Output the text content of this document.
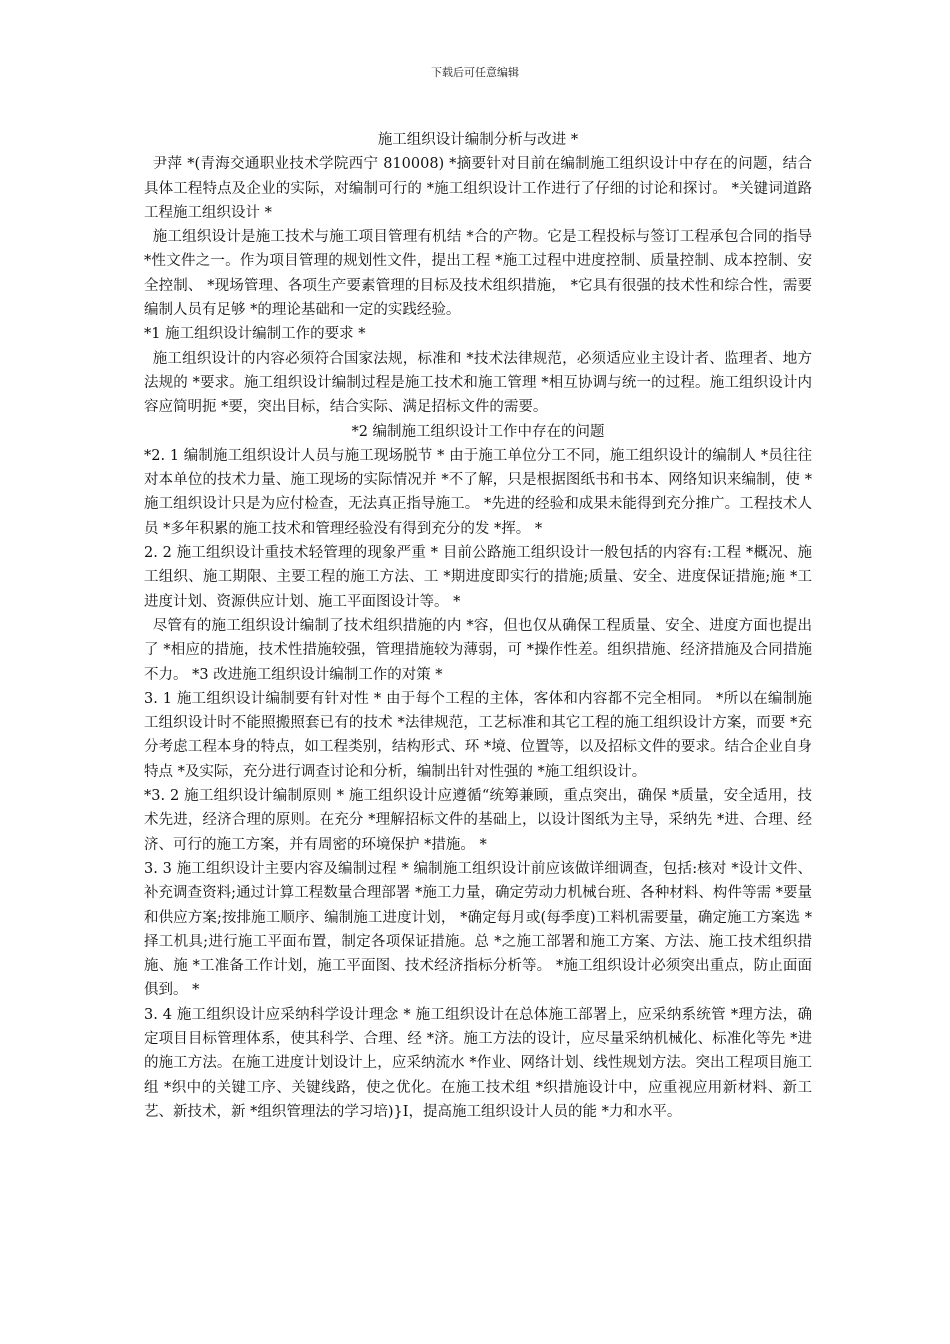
下载后可任意编辑

施工组织设计编制分析与改进 *

尹萍 *(青海交通职业技术学院西宁 810008) *摘要针对目前在编制施工组织设计中存在的问题，结合具体工程特点及企业的实际，对编制可行的 *施工组织设计工作进行了仔细的讨论和探讨。 *关键词道路工程施工组织设计 *

施工组织设计是施工技术与施工项目管理有机结 *合的产物。它是工程投标与签订工程承包合同的指导 *性文件之一。作为项目管理的规划性文件，提出工程 *施工过程中进度控制、质量控制、成本控制、安全控制、 *现场管理、各项生产要素管理的目标及技术组织措施， *它具有很强的技术性和综合性，需要编制人员有足够 *的理论基础和一定的实践经验。

*1 施工组织设计编制工作的要求 *

施工组织设计的内容必须符合国家法规，标准和 *技术法律规范，必须适应业主设计者、监理者、地方法规的 *要求。施工组织设计编制过程是施工技术和施工管理 *相互协调与统一的过程。施工组织设计内容应简明扼 *要，突出目标，结合实际、满足招标文件的需要。

*2 编制施工组织设计工作中存在的问题

*2. 1 编制施工组织设计人员与施工现场脱节 * 由于施工单位分工不同，施工组织设计的编制人 *员往往对本单位的技术力量、施工现场的实际情况并 *不了解，只是根据图纸书和书本、网络知识来编制，使 *施工组织设计只是为应付检查，无法真正指导施工。 *先进的经验和成果未能得到充分推广。工程技术人员 *多年积累的施工技术和管理经验没有得到充分的发 *挥。 *

2. 2 施工组织设计重技术轻管理的现象严重 * 目前公路施工组织设计一般包括的内容有:工程 *概况、施工组织、施工期限、主要工程的施工方法、工 *期进度即实行的措施;质量、安全、进度保证措施;施 *工进度计划、资源供应计划、施工平面图设计等。 *

尽管有的施工组织设计编制了技术组织措施的内 *容，但也仅从确保工程质量、安全、进度方面也提出了 *相应的措施，技术性措施较强，管理措施较为薄弱，可 *操作性差。组织措施、经济措施及合同措施不力。 *3 改进施工组织设计编制工作的对策 *

3. 1 施工组织设计编制要有针对性 * 由于每个工程的主体，客体和内容都不完全相同。 *所以在编制施工组织设计时不能照搬照套已有的技术 *法律规范，工艺标准和其它工程的施工组织设计方案，而要 *充分考虑工程本身的特点，如工程类别，结构形式、环 *境、位置等，以及招标文件的要求。结合企业自身特点 *及实际，充分进行调查讨论和分析，编制出针对性强的 *施工组织设计。

*3. 2 施工组织设计编制原则 * 施工组织设计应遵循“统筹兼顾，重点突出，确保 *质量，安全适用，技术先进，经济合理的原则。在充分 *理解招标文件的基础上，以设计图纸为主导，采纳先 *进、合理、经济、可行的施工方案，并有周密的环境保护 *措施。 *

3. 3 施工组织设计主要内容及编制过程 * 编制施工组织设计前应该做详细调查，包括:核对 *设计文件、补充调查资料;通过计算工程数量合理部署 *施工力量，确定劳动力机械台班、各种材料、构件等需 *要量和供应方案;按排施工顺序、编制施工进度计划， *确定每月或(每季度)工料机需要量，确定施工方案选 *择工机具;进行施工平面布置，制定各项保证措施。总 *之施工部署和施工方案、方法、施工技术组织措施、施 *工准备工作计划，施工平面图、技术经济指标分析等。 *施工组织设计必须突出重点，防止面面俱到。 *

3. 4 施工组织设计应采纳科学设计理念 * 施工组织设计在总体施工部署上，应采纳系统管 *理方法，确定项目目标管理体系，使其科学、合理、经 *济。施工方法的设计，应尽量采纳机械化、标准化等先 *进的施工方法。在施工进度计划设计上，应采纳流水 *作业、网络计划、线性规划方法。突出工程项目施工组 *织中的关键工序、关键线路，使之优化。在施工技术组 *织措施设计中，应重视应用新材料、新工艺、新技术，新 *组织管理法的学习培)}I，提高施工组织设计人员的能 *力和水平。
